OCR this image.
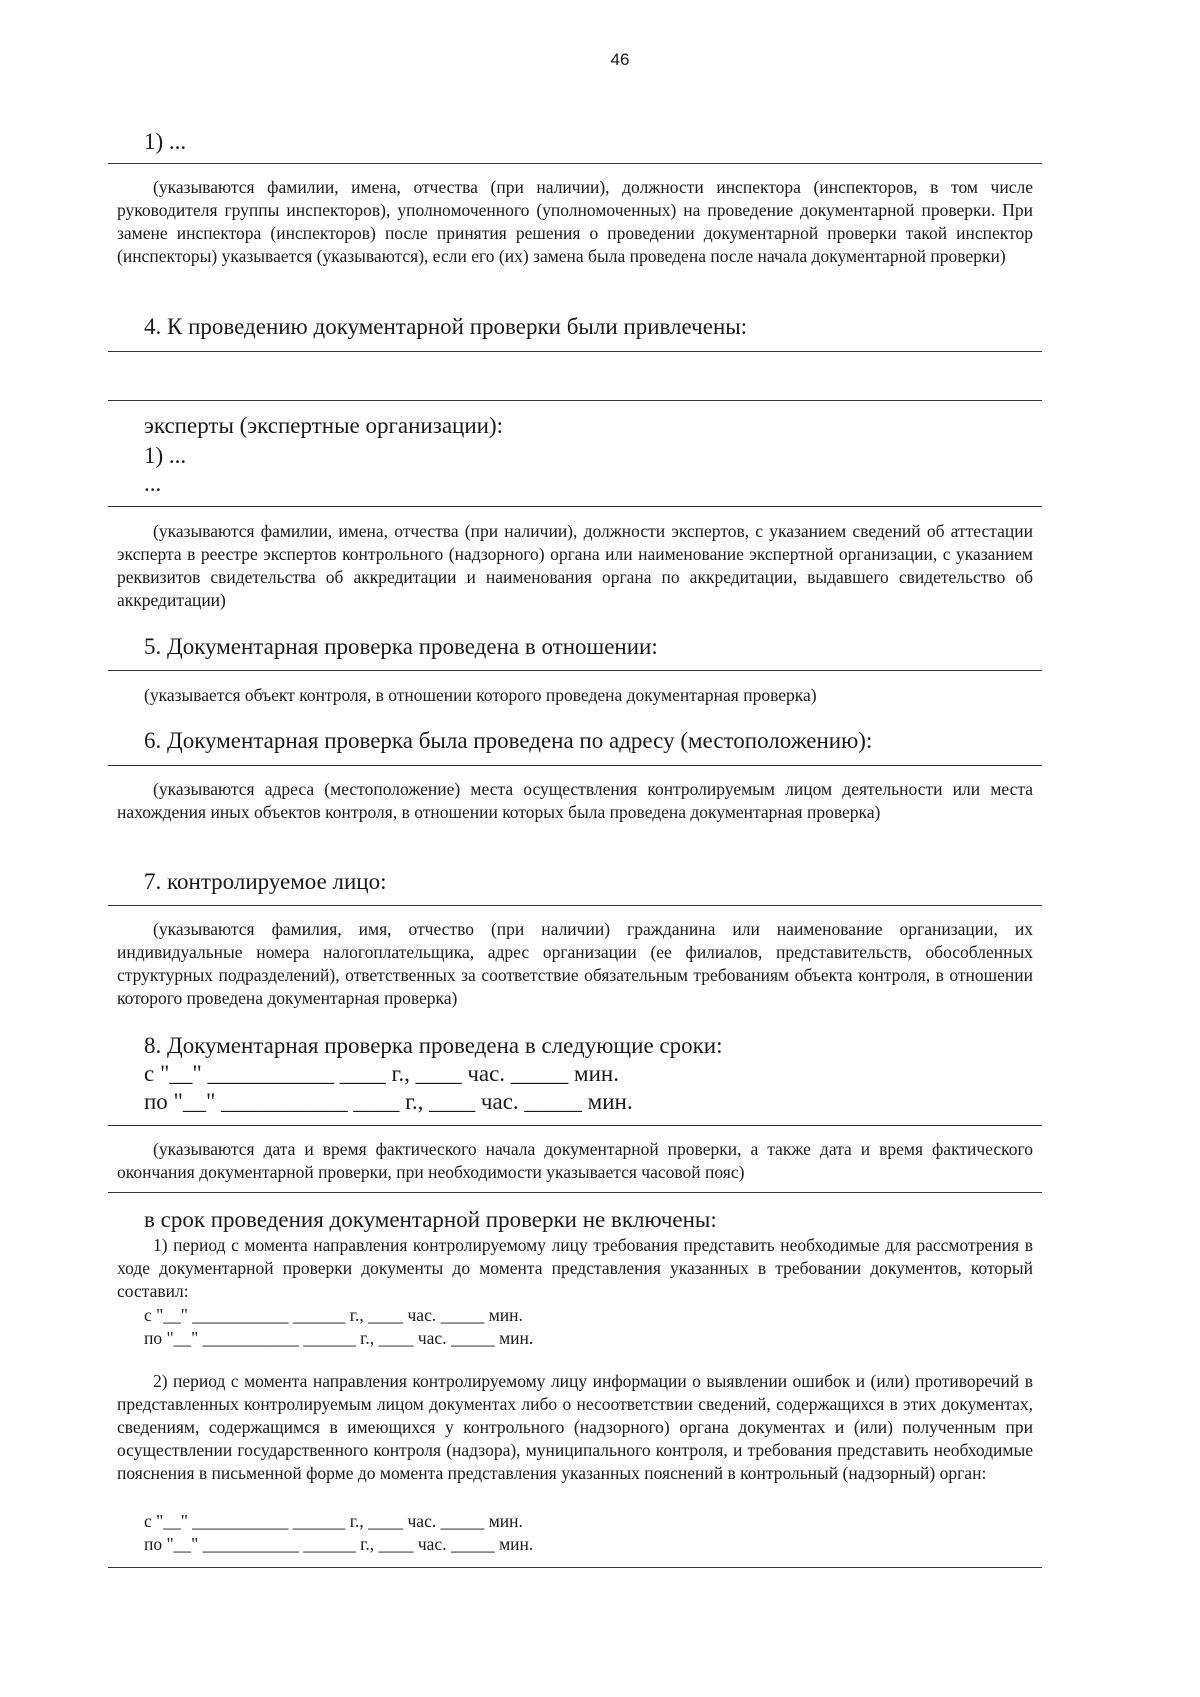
46
1) ...

(указываются фамилии, имена, отчества (при наличии), должности инспектора (инспекторов, в том числе руководителя группы инспекторов), уполномоченного (уполномоченных) на проведение документарной проверки. При замене инспектора (инспекторов) после принятия решения о проведении документарной проверки такой инспектор (инспекторы) указывается (указываются), если его (их) замена была проведена после начала документарной проверки)

4. К проведению документарной проверки были привлечены:
эксперты (экспертные организации):
1) ...
...

(указываются фамилии, имена, отчества (при наличии), должности экспертов, с указанием сведений об аттестации эксперта в реестре экспертов контрольного (надзорного) органа или наименование экспертной организации, с указанием реквизитов свидетельства об аккредитации и наименования органа по аккредитации, выдавшего свидетельство об аккредитации)

5. Документарная проверка проведена в отношении:
(указывается объект контроля, в отношении которого проведена документарная проверка)
6. Документарная проверка была проведена по адресу (местоположению):

(указываются адреса (местоположение) места осуществления контролируемым лицом деятельности или места нахождения иных объектов контроля, в отношении которых была проведена документарная проверка)

7. контролируемое лицо:

(указываются фамилия, имя, отчество (при наличии) гражданина или наименование организации, их индивидуальные номера налогоплательщика, адрес организации (ее филиалов, представительств, обособленных структурных подразделений), ответственных за соответствие обязательным требованиям объекта контроля, в отношении которого проведена документарная проверка)

8. Документарная проверка проведена в следующие сроки:
с "__" ___________ ____ г., ____ час. _____ мин.
по "__" ___________ ____ г., ____ час. _____ мин.

(указываются дата и время фактического начала документарной проверки, а также дата и время фактического окончания документарной проверки, при необходимости указывается часовой пояс)

в срок проведения документарной проверки не включены:

1) период с момента направления контролируемому лицу требования представить необходимые для рассмотрения в ходе документарной проверки документы до момента представления указанных в требовании документов, который составил:

с "__" ___________ ______ г., ____ час. _____ мин.
по "__" ___________ ______ г., ____ час. _____ мин.

2) период с момента направления контролируемому лицу информации о выявлении ошибок и (или) противоречий в представленных контролируемым лицом документах либо о несоответствии сведений, содержащихся в этих документах, сведениям, содержащимся в имеющихся у контрольного (надзорного) органа документах и (или) полученным при осуществлении государственного контроля (надзора), муниципального контроля, и требования представить необходимые пояснения в письменной форме до момента представления указанных пояснений в контрольный (надзорный) орган:

с "__" ___________ ______ г., ____ час. _____ мин.
по "__" ___________ ______ г., ____ час. _____ мин.
